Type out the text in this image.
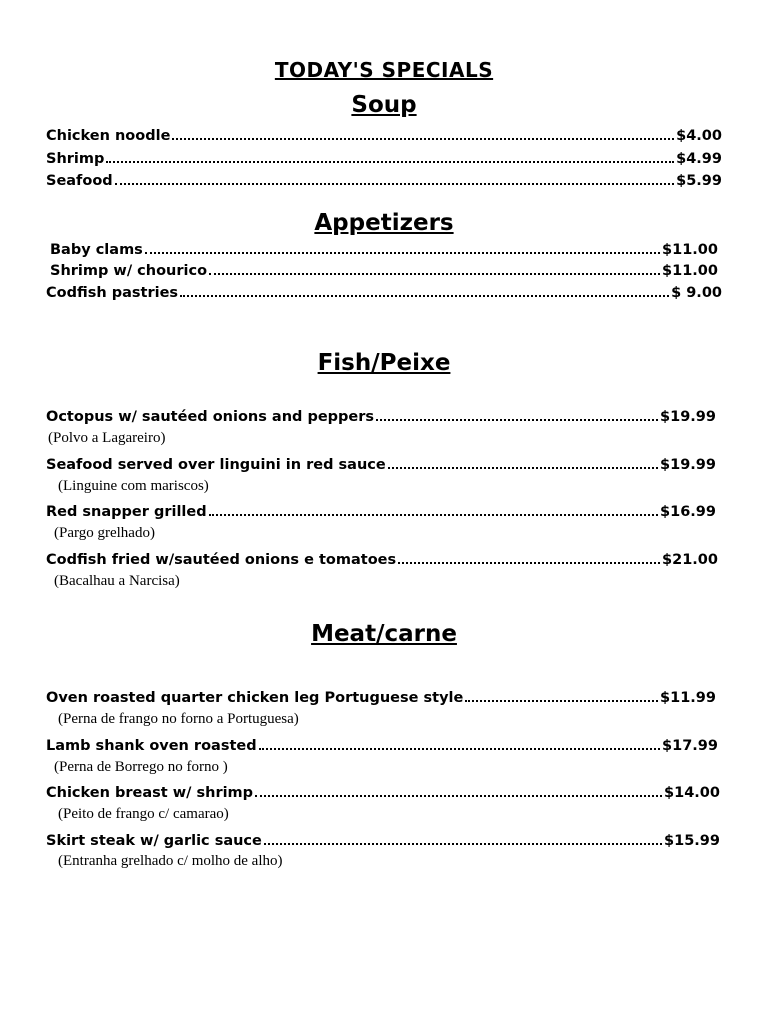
TODAY'S SPECIALS
Soup
Chicken noodle	$4.00
Shrimp	$4.99
Seafood	$5.99
Appetizers
Baby clams	$11.00
Shrimp w/ chourico	$11.00
Codfish pastries	$ 9.00
Fish/Peixe
Octopus w/ sautéed onions and peppers	$19.99
(Polvo a Lagareiro)
Seafood served over linguini in red sauce	$19.99
(Linguine com mariscos)
Red snapper grilled	$16.99
(Pargo grelhado)
Codfish fried w/sautéed onions e tomatoes	$21.00
(Bacalhau a Narcisa)
Meat/carne
Oven roasted quarter chicken leg Portuguese style	$11.99
(Perna de frango no forno a Portuguesa)
Lamb shank oven roasted	$17.99
(Perna de Borrego no forno )
Chicken breast w/ shrimp	$14.00
(Peito de frango c/ camarao)
Skirt steak w/ garlic sauce	$15.99
(Entranha grelhado c/ molho de alho)
